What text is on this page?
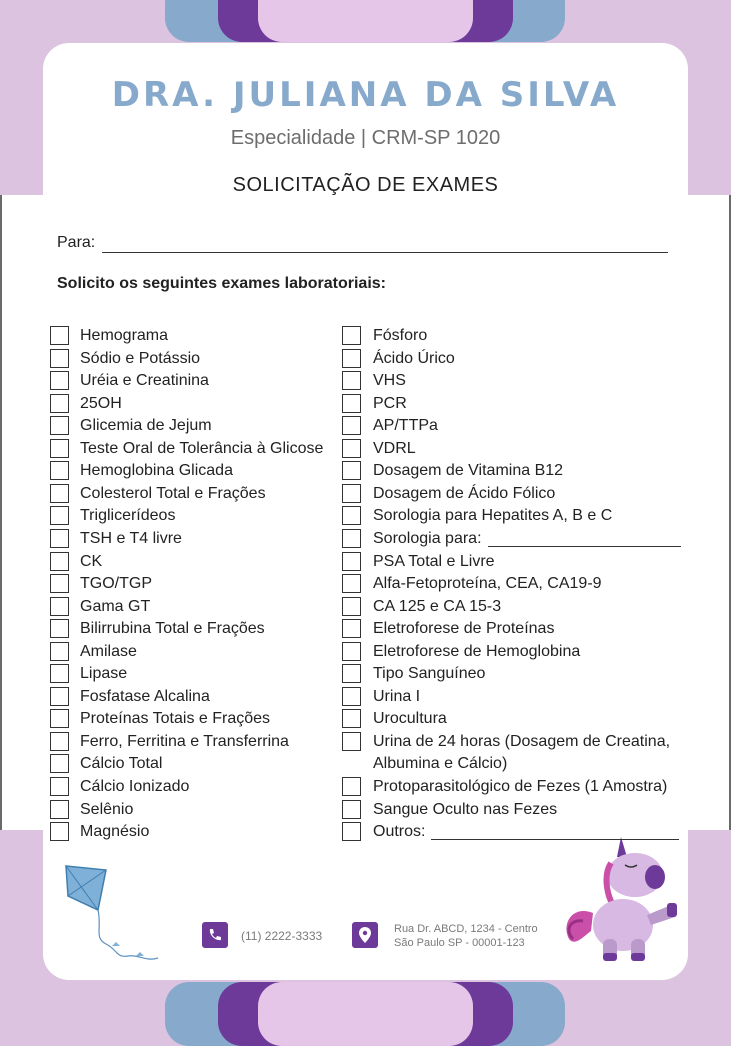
DRA. JULIANA DA SILVA
Especialidade | CRM-SP 1020
SOLICITAÇÃO DE EXAMES
Para:
Solicito os seguintes exames laboratoriais:
(11) 2222-3333	Rua Dr. ABCD, 1234 - Centro
São Paulo SP - 00001-123
Hemograma
Sódio e Potássio
Uréia e Creatinina
25OH
Glicemia de Jejum
Teste Oral de Tolerância à Glicose
Hemoglobina Glicada
Colesterol Total e Frações
Triglicerídeos
TSH e T4 livre
CK
TGO/TGP
Gama GT
Bilirrubina Total e Frações
Amilase
Lipase
Fosfatase Alcalina
Proteínas Totais e Frações
Ferro, Ferritina e Transferrina
Cálcio Total
Cálcio Ionizado
Selênio
Magnésio
Fósforo
Ácido Úrico
VHS
PCR
AP/TTPa
VDRL
Dosagem de Vitamina B12
Dosagem de Ácido Fólico
Sorologia para Hepatites A, B e C
Sorologia para:
PSA Total e Livre
Alfa-Fetoproteína, CEA, CA19-9
CA 125 e CA 15-3
Eletroforese de Proteínas
Eletroforese de Hemoglobina
Tipo Sanguíneo
Urina I
Urocultura
Urina de 24 horas (Dosagem de Creatina,
Albumina e Cálcio)
Protoparasitológico de Fezes (1 Amostra)
Sangue Oculto nas Fezes
Outros:
